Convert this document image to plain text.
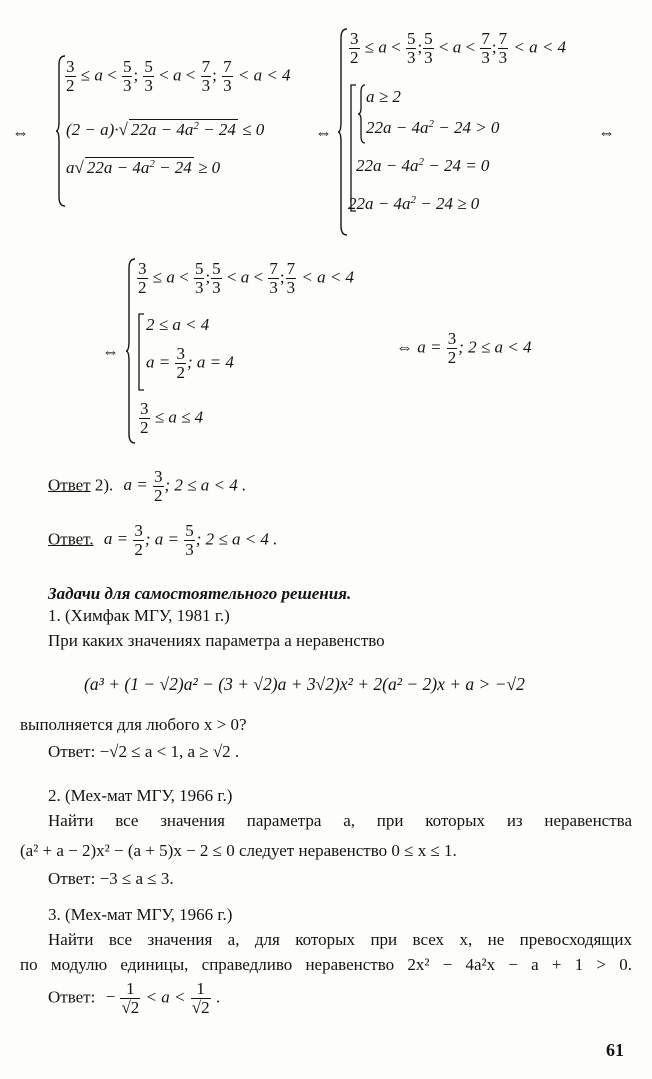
⇔
$\frac{3}{2} \le a < \frac{5}{3}$ ; $\frac{5}{3} < a < \frac{7}{3}$ ; $\frac{7}{3} < a < 4$
(2 − a)·√ $22a - 4a^2 - 24 \le 0$
a√ $22a - 4a^2 - 24 \ge 0$
⇔
$\frac{3}{2} \le a < \frac{5}{3}$ ; $\frac{5}{3} < a < \frac{7}{3}$ ; $\frac{7}{3} < a < 4$
a ≥ 2
$22a - 4a^2 - 24 > 0$
$22a - 4a^2 - 24 = 0$
$22a - 4a^2 - 24 \ge 0$
⇔
⇔
$\frac{3}{2} \le a < \frac{5}{3}$ ; $\frac{5}{3} < a < \frac{7}{3}$ ; $\frac{7}{3} < a < 4$
2 ≤ a < 4
$a = \frac{3}{2}$ ; a = 4
$\frac{3}{2} \le a \le 4$
⇔ $a = \frac{3}{2}$ ; 2 ≤ a < 4
Ответ 2). $a = \frac{3}{2}$ ; 2 ≤ a < 4 .
Ответ. $a = \frac{3}{2}$ ; $a = \frac{5}{3}$ ; 2 ≤ a < 4 .
Задачи для самостоятельного решения.
1. (Химфак МГУ, 1981 г.)
При каких значениях параметра a неравенство
(a³ + (1 − √2)a² − (3 + √2)a + 3√2)x² + 2(a² − 2)x + a > −√2
выполняется для любого x > 0?
Ответ: −√2 ≤ a < 1, a ≥ √2 .
2. (Мех-мат МГУ, 1966 г.)
Найти все значения параметра a, при которых из неравенства
(a² + a − 2)x² − (a + 5)x − 2 ≤ 0 следует неравенство 0 ≤ x ≤ 1.
Ответ: −3 ≤ a ≤ 3.
3. (Мех-мат МГУ, 1966 г.)
Найти все значения a, для которых при всех x, не превосходящих
по модулю единицы, справедливо неравенство 2x² − 4a²x − a + 1 > 0.
Ответ: − $\frac{1}{√2} < a < \frac{1}{√2}$ .
61
